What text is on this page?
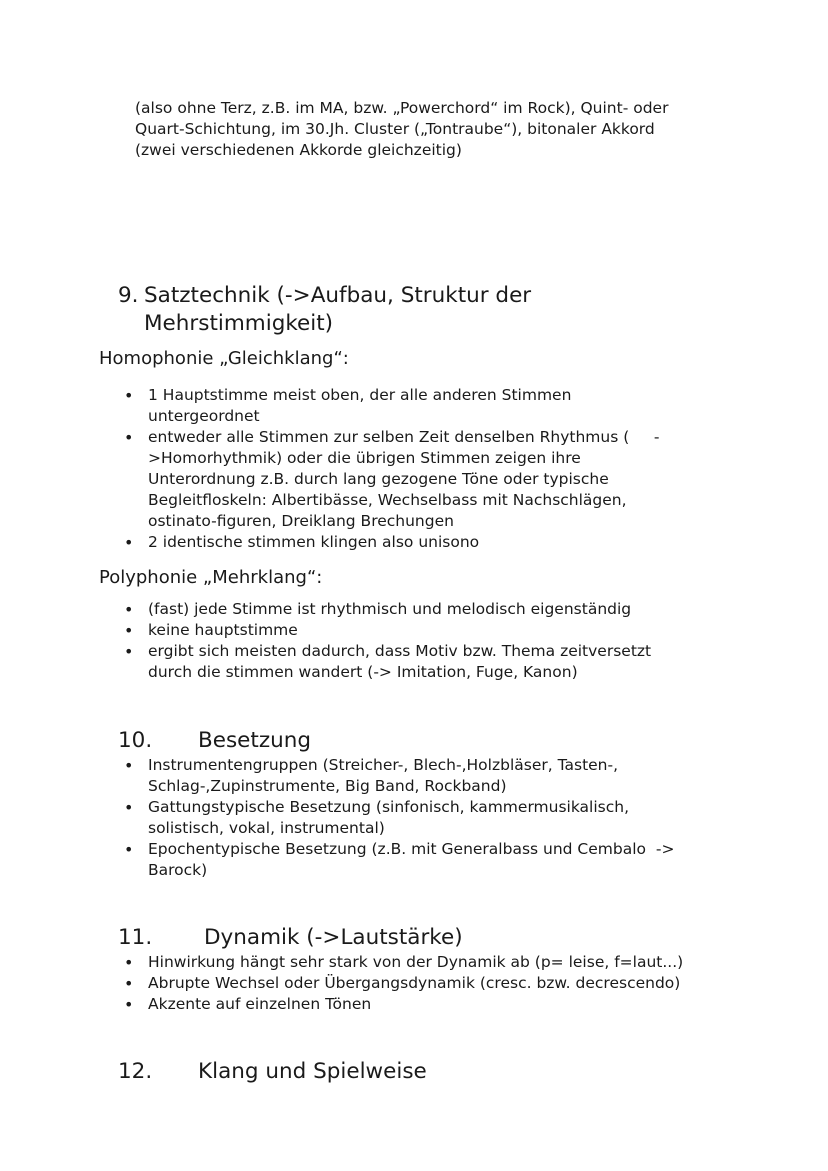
(also ohne Terz, z.B. im MA, bzw. „Powerchord“ im Rock), Quint- oder
Quart-Schichtung, im 30.Jh. Cluster („Tontraube“), bitonaler Akkord
(zwei verschiedenen Akkorde gleichzeitig)
9. Satztechnik (->Aufbau, Struktur der
Mehrstimmigkeit)
Homophonie „Gleichklang“:
• 1 Hauptstimme meist oben, der alle anderen Stimmen
untergeordnet
• entweder alle Stimmen zur selben Zeit denselben Rhythmus (     -
>Homorhythmik) oder die übrigen Stimmen zeigen ihre
Unterordnung z.B. durch lang gezogene Töne oder typische
Begleitfloskeln: Albertibässe, Wechselbass mit Nachschlägen,
ostinato-figuren, Dreiklang Brechungen
• 2 identische stimmen klingen also unisono
Polyphonie „Mehrklang“:
• (fast) jede Stimme ist rhythmisch und melodisch eigenständig
• keine hauptstimme
• ergibt sich meisten dadurch, dass Motiv bzw. Thema zeitversetzt
durch die stimmen wandert (-> Imitation, Fuge, Kanon)
10. Besetzung
• Instrumentengruppen (Streicher-, Blech-,Holzbläser, Tasten-,
Schlag-,Zupinstrumente, Big Band, Rockband)
• Gattungstypische Besetzung (sinfonisch, kammermusikalisch,
solistisch, vokal, instrumental)
• Epochentypische Besetzung (z.B. mit Generalbass und Cembalo  ->
Barock)
11. Dynamik (->Lautstärke)
• Hinwirkung hängt sehr stark von der Dynamik ab (p= leise, f=laut...)
• Abrupte Wechsel oder Übergangsdynamik (cresc. bzw. decrescendo)
• Akzente auf einzelnen Tönen
12. Klang und Spielweise
